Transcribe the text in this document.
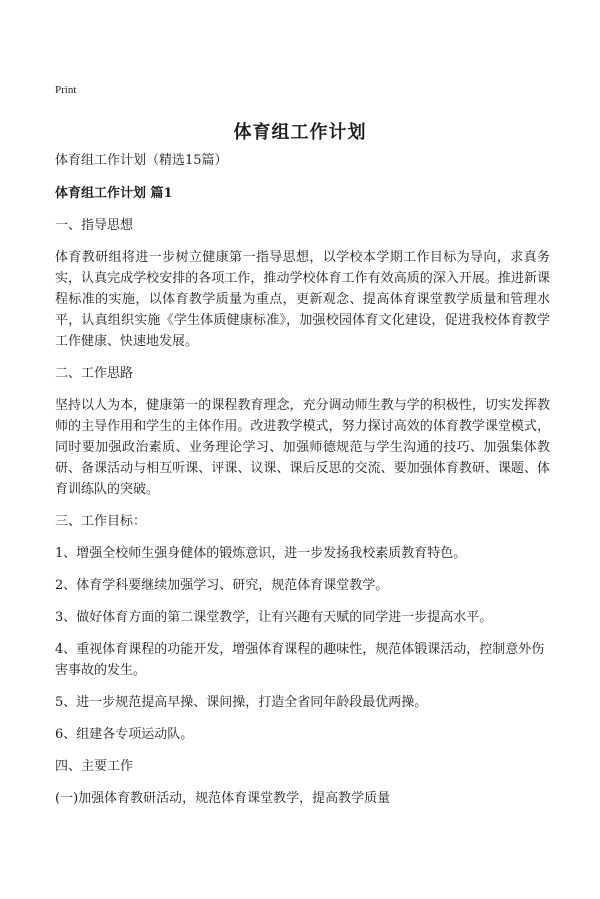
Print
体育组工作计划

体育组工作计划（精选15篇）

体育组工作计划 篇1

一、指导思想

体育教研组将进一步树立健康第一指导思想，以学校本学期工作目标为导向，求真务实，认真完成学校安排的各项工作，推动学校体育工作有效高质的深入开展。推进新课程标准的实施，以体育教学质量为重点，更新观念、提高体育课堂教学质量和管理水平，认真组织实施《学生体质健康标准》，加强校园体育文化建设，促进我校体育教学工作健康、快速地发展。

二、工作思路

坚持以人为本，健康第一的课程教育理念，充分调动师生教与学的积极性，切实发挥教师的主导作用和学生的主体作用。改进教学模式，努力探讨高效的体育教学课堂模式，同时要加强政治素质、业务理论学习、加强师德规范与学生沟通的技巧、加强集体教研、备课活动与相互听课、评课、议课、课后反思的交流、要加强体育教研、课题、体育训练队的突破。

三、工作目标：

1、增强全校师生强身健体的锻炼意识，进一步发扬我校素质教育特色。

2、体育学科要继续加强学习、研究，规范体育课堂教学。

3、做好体育方面的第二课堂教学，让有兴趣有天赋的同学进一步提高水平。

4、重视体育课程的功能开发，增强体育课程的趣味性，规范体锻课活动，控制意外伤害事故的发生。

5、进一步规范提高早操、课间操，打造全省同年龄段最优两操。

6、组建各专项运动队。

四、主要工作

(一)加强体育教研活动，规范体育课堂教学，提高教学质量
